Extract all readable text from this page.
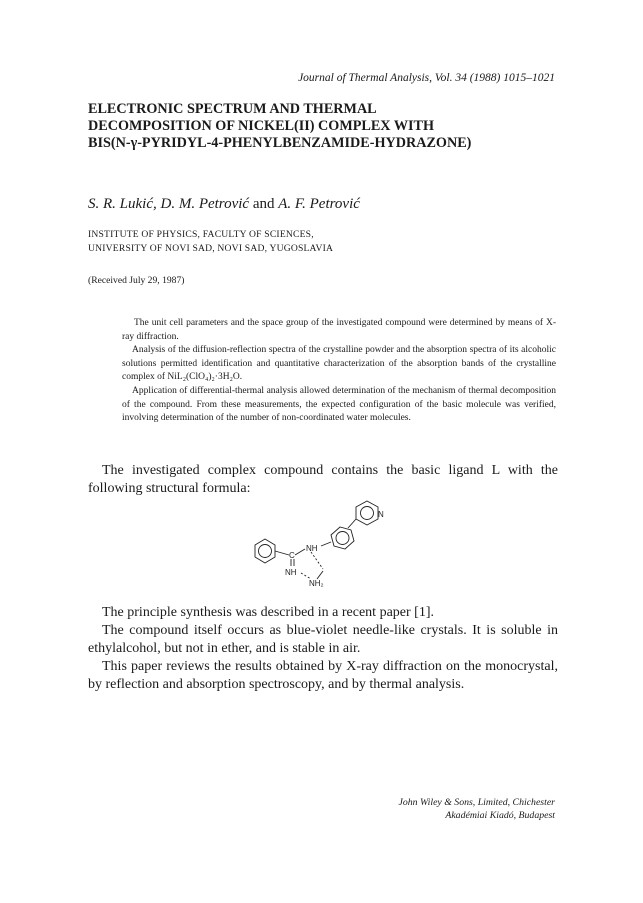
Journal of Thermal Analysis, Vol. 34 (1988) 1015–1021
ELECTRONIC SPECTRUM AND THERMAL
DECOMPOSITION OF NICKEL(II) COMPLEX WITH
BIS(N-γ-PYRIDYL-4-PHENYLBENZAMIDE-HYDRAZONE)
S. R. Lukić, D. M. Petrović and A. F. Petrović
INSTITUTE OF PHYSICS, FACULTY OF SCIENCES,
UNIVERSITY OF NOVI SAD, NOVI SAD, YUGOSLAVIA
(Received July 29, 1987)

The unit cell parameters and the space group of the investigated compound were determined by means of X-ray diffraction.

Analysis of the diffusion-reflection spectra of the crystalline powder and the absorption spectra of its alcoholic solutions permitted identification and quantitative characterization of the absorption bands of the crystalline complex of NiL₂(ClO₄)₂·3H₂O.

Application of differential-thermal analysis allowed determination of the mechanism of thermal decomposition of the compound. From these measurements, the expected configuration of the basic molecule was verified, involving determination of the number of non-coordinated water molecules.

The investigated complex compound contains the basic ligand L with the following structural formula:

N
NH
C
NH
NH₂

The principle synthesis was described in a recent paper [1].

The compound itself occurs as blue-violet needle-like crystals. It is soluble in ethylalcohol, but not in ether, and is stable in air.

This paper reviews the results obtained by X-ray diffraction on the monocrystal, by reflection and absorption spectroscopy, and by thermal analysis.

John Wiley & Sons, Limited, Chichester
Akadémiai Kiadó, Budapest
